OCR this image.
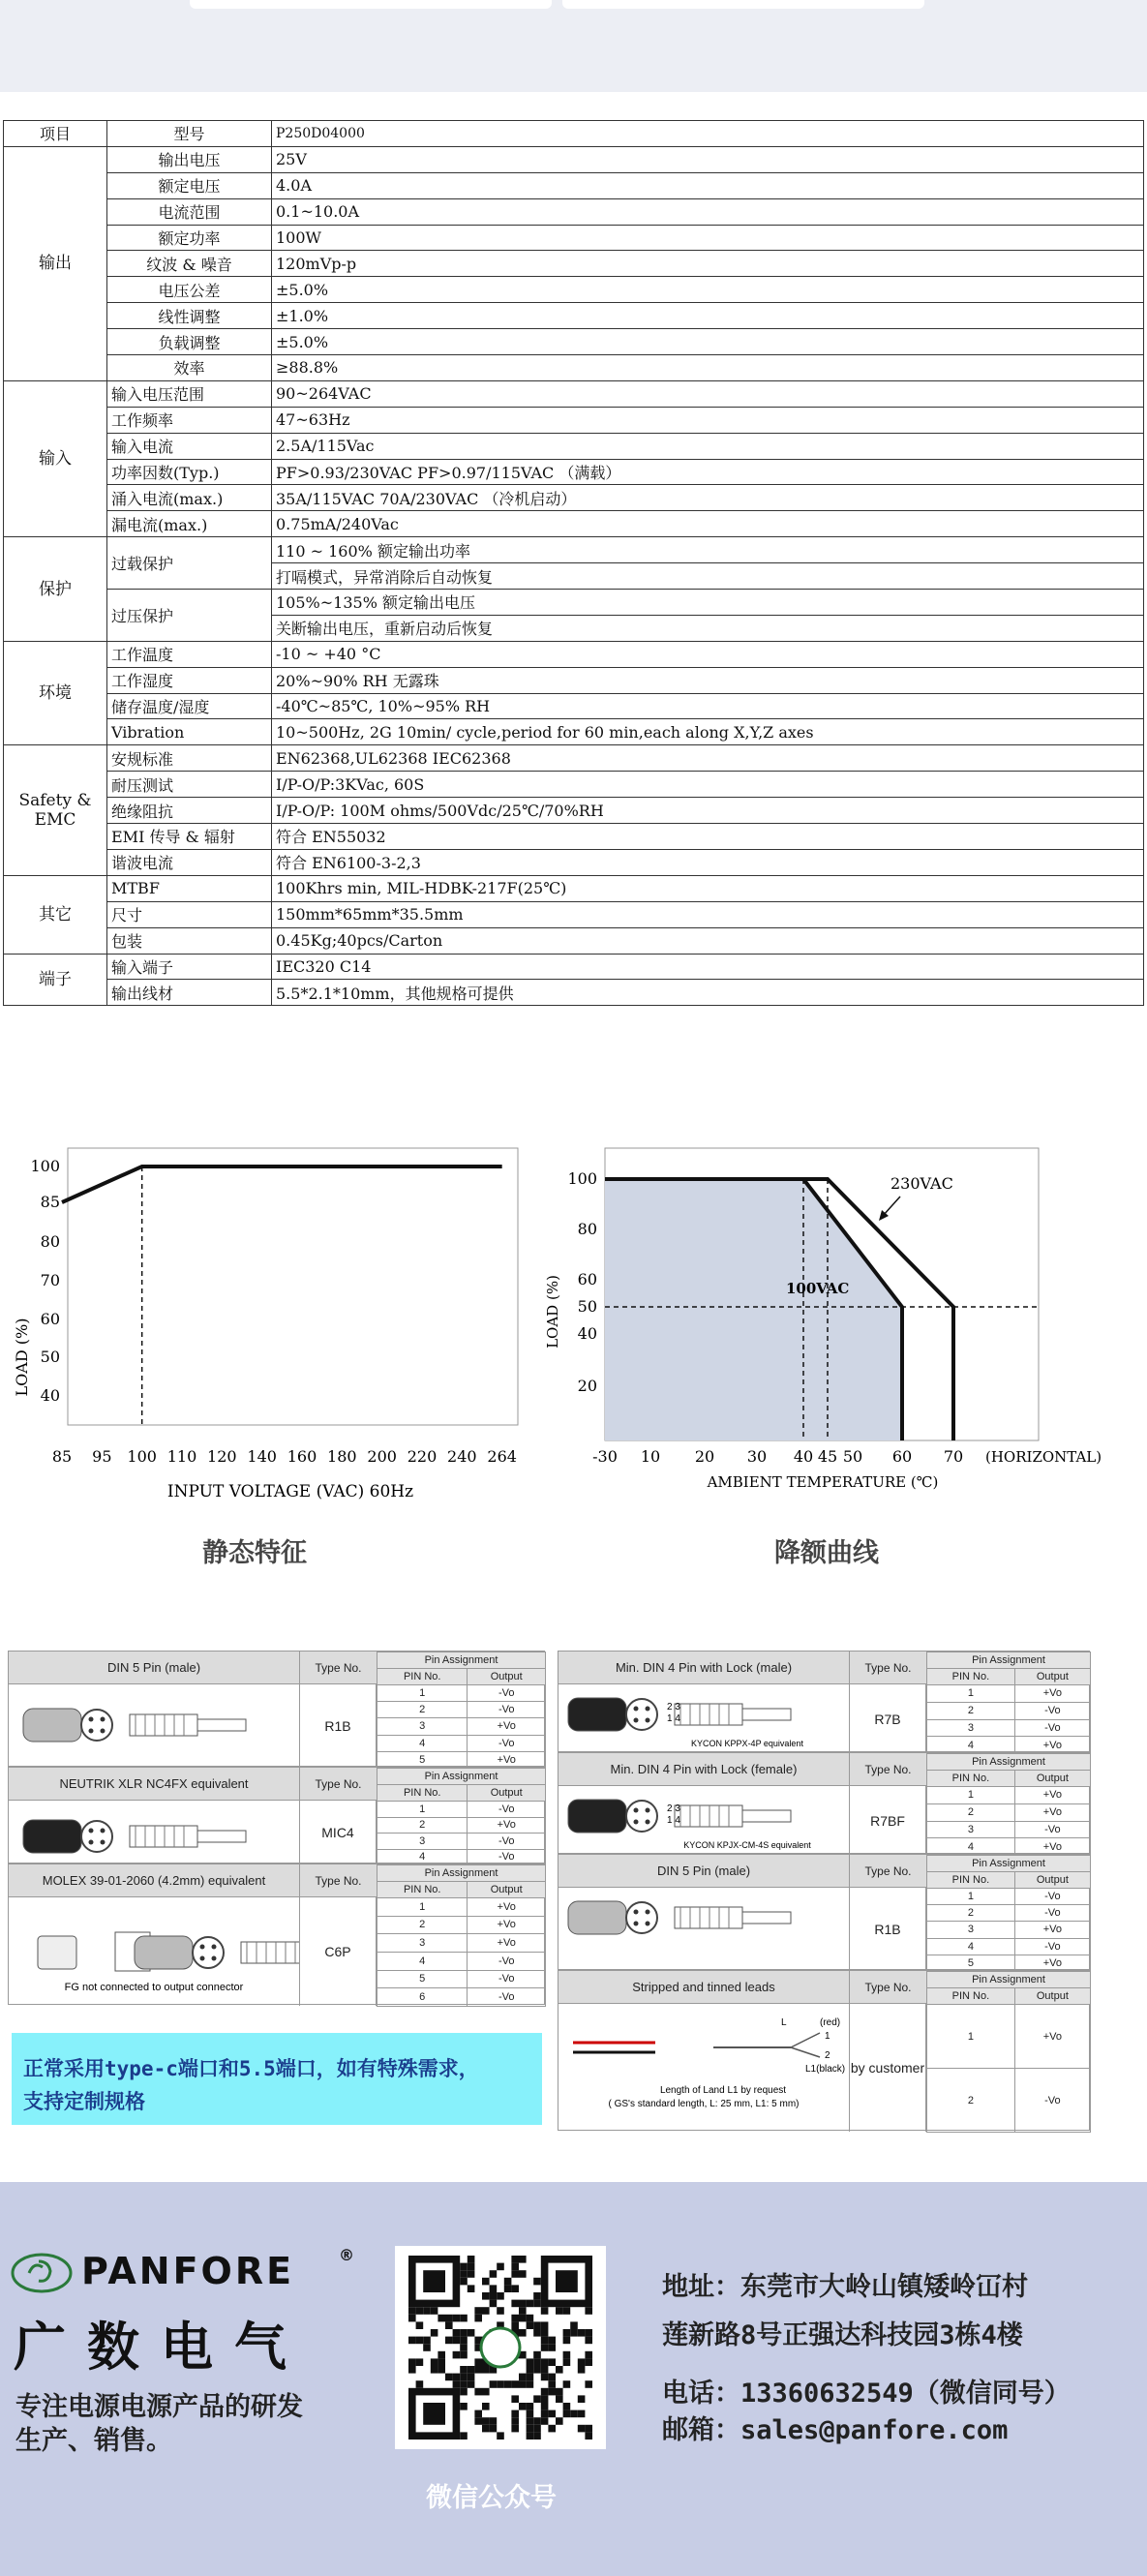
项目	型号	P250D04000
输出	输出电压	25V
	额定电压	4.0A
	电流范围	0.1~10.0A
	额定功率	100W
	纹波 & 噪音	120mVp-p
	电压公差	±5.0%
	线性调整	±1.0%
	负载调整	±5.0%
	效率	≥88.8%
输入	输入电压范围	90~264VAC
	工作频率	47~63Hz
	输入电流	2.5A/115Vac
	功率因数(Typ.)	PF>0.93/230VAC PF>0.97/115VAC （满载）
	涌入电流(max.)	35A/115VAC 70A/230VAC （冷机启动）
	漏电流(max.)	0.75mA/240Vac
保护	过载保护	110 ~ 160% 额定输出功率
		打嗝模式，异常消除后自动恢复
	过压保护	105%~135% 额定输出电压
		关断输出电压，重新启动后恢复
环境	工作温度	-10 ~ +40 °C
	工作湿度	20%~90% RH 无露珠
	储存温度/湿度	-40℃~85℃, 10%~95% RH
	Vibration	10~500Hz, 2G 10min/ cycle,period for 60 min,each along X,Y,Z axes
Safety & EMC	安规标准	EN62368,UL62368 IEC62368
	耐压测试	I/P-O/P:3KVac, 60S
	绝缘阻抗	I/P-O/P: 100M ohms/500Vdc/25℃/70%RH
	EMI 传导 & 辐射	符合 EN55032
	谐波电流	符合 EN6100-3-2,3
其它	MTBF	100Khrs min, MIL-HDBK-217F(25℃)
	尺寸	150mm*65mm*35.5mm
	包装	0.45Kg;40pcs/Carton
端子	输入端子	IEC320 C14
	输出线材	5.5*2.1*10mm，其他规格可提供
85 95 100 110 120 140 160 180 200 220 240 264
40
50
60
70
80
85
100
INPUT VOLTAGE (VAC) 60Hz
LOAD (%)
静态特征
-30 10 20 30 40 45 50 60 70 (HORIZONTAL)
20
40
50
60
80
100
100VAC
230VAC
AMBIENT TEMPERATURE (℃)
LOAD (%)
降额曲线
DIN 5 Pin (male)	Type No.
R1B
Pin Assignment	
PIN No.	Output
1	-Vo
2	-Vo
3	+Vo
4	-Vo
5	+Vo
NEUTRIK XLR NC4FX equivalent	Type No.
MIC4
Pin Assignment	
PIN No.	Output
1	-Vo
2	+Vo
3	-Vo
4	-Vo
MOLEX 39-01-2060 (4.2mm) equivalent	Type No.
C6P
Pin Assignment	
PIN No.	Output
1	+Vo
2	+Vo
3	+Vo
4	-Vo
5	-Vo
6	-Vo
FG not connected to output connector
Min. DIN 4 Pin with Lock (male)	Type No.
R7B
Pin Assignment	
PIN No.	Output
1	+Vo
2	-Vo
3	-Vo
4	+Vo
KYCON KPPX-4P equivalent
2 3
1 4
Min. DIN 4 Pin with Lock (female)	Type No.
R7BF
Pin Assignment	
PIN No.	Output
1	+Vo
2	+Vo
3	-Vo
4	+Vo
KYCON KPJX-CM-4S equivalent
2 3
1 4
DIN 5 Pin (male)	Type No.
R1B
Pin Assignment	
PIN No.	Output
1	-Vo
2	-Vo
3	+Vo
4	-Vo
5	+Vo
Stripped and tinned leads	Type No.
by customer
Pin Assignment	
PIN No.	Output
1	+Vo
2	-Vo
L	(red)
1
2
L1(black)
Length of Land L1 by request
( GS's standard length, L: 25 mm, L1: 5 mm)
正常采用type-c端口和5.5端口，如有特殊需求，
支持定制规格
PANFORE	®
广数电气
专注电源电源产品的研发
生产、销售。
微信公众号
地址：东莞市大岭山镇矮岭冚村
莲新路8号正强达科技园3栋4楼
电话：13360632549（微信同号）
邮箱：sales@panfore.com
